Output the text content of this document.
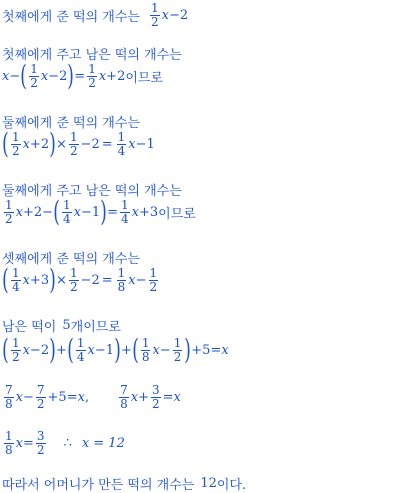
첫째에게 준 떡의 개수는 $\frac{1}{2}$ x −2
첫째에게 주고 남은 떡의 개수는
x − ( $\frac{1}{2}$ x −2 ) = $\frac{1}{2}$ x +2 이므로
둘째에게 준 떡의 개수는
( $\frac{1}{2}$ x +2 ) × $\frac{1}{2} -2 = \frac{1}{4}$ x −1
둘째에게 주고 남은 떡의 개수는
$\frac{1}{2}$ x +2− ( $\frac{1}{4}$ x −1 ) = $\frac{1}{4}$ x +3 이므로
셋째에게 준 떡의 개수는
( $\frac{1}{4}$ x +3 ) × $\frac{1}{2} -2 = \frac{1}{8}$ $x - \frac{1}{2}$
남은 떡이 5 개이므로
( $\frac{1}{2}$ x −2 ) + ( $\frac{1}{4}$ x −1 ) + ( $\frac{1}{8}$ $x - \frac{1}{2}$ ) +5= x
$\frac{7}{8}$ $x - \frac{7}{2} +5= x$ ,	$\frac{7}{8}$ $x + \frac{3}{2} = x$
$\frac{1}{8}$ $x = \frac{3}{2}$ ∴ x = 12
따라서 어머니가 만든 떡의 개수는 12 이다.
